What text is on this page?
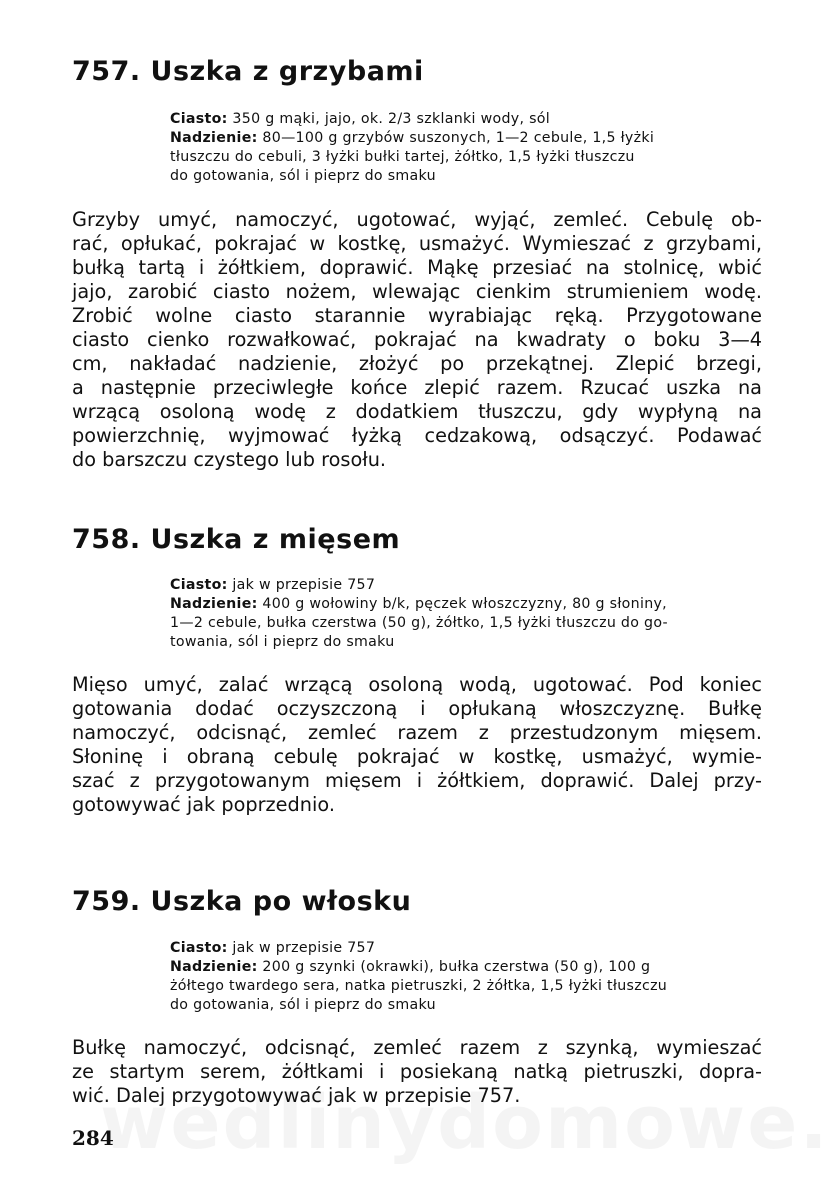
757. Uszka z grzybami
Ciasto: 350 g mąki, jajo, ok. 2/3 szklanki wody, sól
Nadzienie: 80—100 g grzybów suszonych, 1—2 cebule, 1,5 łyżki
tłuszczu do cebuli, 3 łyżki bułki tartej, żółtko, 1,5 łyżki tłuszczu
do gotowania, sól i pieprz do smaku
Grzyby umyć, namoczyć, ugotować, wyjąć, zemleć. Cebulę ob-
rać, opłukać, pokrajać w kostkę, usmażyć. Wymieszać z grzybami,
bułką tartą i żółtkiem, doprawić. Mąkę przesiać na stolnicę, wbić
jajo, zarobić ciasto nożem, wlewając cienkim strumieniem wodę.
Zrobić wolne ciasto starannie wyrabiając ręką. Przygotowane
ciasto cienko rozwałkować, pokrajać na kwadraty o boku 3—4
cm, nakładać nadzienie, złożyć po przekątnej. Zlepić brzegi,
a następnie przeciwległe końce zlepić razem. Rzucać uszka na
wrzącą osoloną wodę z dodatkiem tłuszczu, gdy wypłyną na
powierzchnię, wyjmować łyżką cedzakową, odsączyć. Podawać
do barszczu czystego lub rosołu.
758. Uszka z mięsem
Ciasto: jak w przepisie 757
Nadzienie: 400 g wołowiny b/k, pęczek włoszczyzny, 80 g słoniny,
1—2 cebule, bułka czerstwa (50 g), żółtko, 1,5 łyżki tłuszczu do go-
towania, sól i pieprz do smaku
Mięso umyć, zalać wrzącą osoloną wodą, ugotować. Pod koniec
gotowania dodać oczyszczoną i opłukaną włoszczyznę. Bułkę
namoczyć, odcisnąć, zemleć razem z przestudzonym mięsem.
Słoninę i obraną cebulę pokrajać w kostkę, usmażyć, wymie-
szać z przygotowanym mięsem i żółtkiem, doprawić. Dalej przy-
gotowywać jak poprzednio.
759. Uszka po włosku
Ciasto: jak w przepisie 757
Nadzienie: 200 g szynki (okrawki), bułka czerstwa (50 g), 100 g
żółtego twardego sera, natka pietruszki, 2 żółtka, 1,5 łyżki tłuszczu
do gotowania, sól i pieprz do smaku
Bułkę namoczyć, odcisnąć, zemleć razem z szynką, wymieszać
ze startym serem, żółtkami i posiekaną natką pietruszki, dopra-
wić. Dalej przygotowywać jak w przepisie 757.
284
